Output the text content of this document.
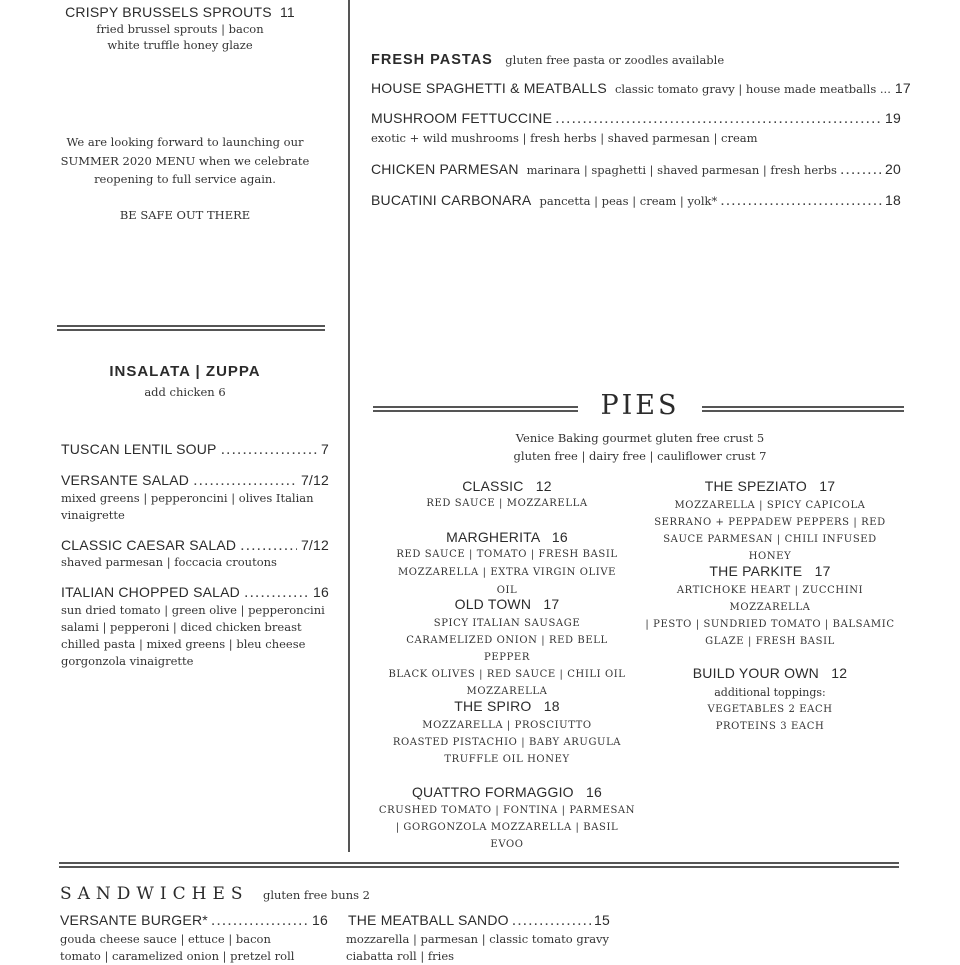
CRISPY BRUSSELS SPROUTS 11
fried brussel sprouts | bacon
white truffle honey glaze
We are looking forward to launching our
SUMMER 2020 MENU when we celebrate
reopening to full service again.
BE SAFE OUT THERE
FRESH PASTAS gluten free pasta or zoodles available
HOUSE SPAGHETTI & MEATBALLS classic tomato gravy | house made meatballs ... 17
MUSHROOM FETTUCCINE .....	19
exotic + wild mushrooms | fresh herbs | shaved parmesan | cream
CHICKEN PARMESAN marinara | spaghetti | shaved parmesan | fresh herbs .....	20
BUCATINI CARBONARA pancetta | peas | cream | yolk* .....	18
INSALATA | ZUPPA
add chicken 6
TUSCAN LENTIL SOUP .....	7
VERSANTE SALAD .....	7/12
mixed greens | pepperoncini | olives Italian
vinaigrette
CLASSIC CAESAR SALAD .....	7/12
shaved parmesan | foccacia croutons
ITALIAN CHOPPED SALAD .....	16
sun dried tomato | green olive | pepperoncini
salami | pepperoni | diced chicken breast
chilled pasta | mixed greens | bleu cheese
gorgonzola vinaigrette
PIES
Venice Baking gourmet gluten free crust 5
gluten free | dairy free | cauliflower crust 7
CLASSIC   12
RED SAUCE | MOZZARELLA
MARGHERITA   16
RED SAUCE | TOMATO | FRESH BASIL
MOZZARELLA | EXTRA VIRGIN OLIVE OIL
OLD TOWN   17
SPICY ITALIAN SAUSAGE
CARAMELIZED ONION | RED BELL PEPPER
BLACK OLIVES | RED SAUCE | CHILI OIL
MOZZARELLA
THE SPIRO   18
MOZZARELLA | PROSCIUTTO
ROASTED PISTACHIO | BABY ARUGULA
TRUFFLE OIL HONEY
QUATTRO FORMAGGIO   16
CRUSHED TOMATO | FONTINA | PARMESAN
| GORGONZOLA MOZZARELLA | BASIL
EVOO
THE SPEZIATO   17
MOZZARELLA | SPICY CAPICOLA
SERRANO + PEPPADEW PEPPERS | RED
SAUCE PARMESAN | CHILI INFUSED HONEY
THE PARKITE   17
ARTICHOKE HEART | ZUCCHINI MOZZARELLA
| PESTO | SUNDRIED TOMATO | BALSAMIC
GLAZE | FRESH BASIL
BUILD YOUR OWN   12
additional toppings:
VEGETABLES 2 EACH
PROTEINS 3 EACH
SANDWICHES gluten free buns 2
VERSANTE BURGER* .....	16
gouda cheese sauce | ettuce | bacon
tomato | caramelized onion | pretzel roll
THE MEATBALL SANDO .....	15
mozzarella | parmesan | classic tomato gravy
ciabatta roll | fries
